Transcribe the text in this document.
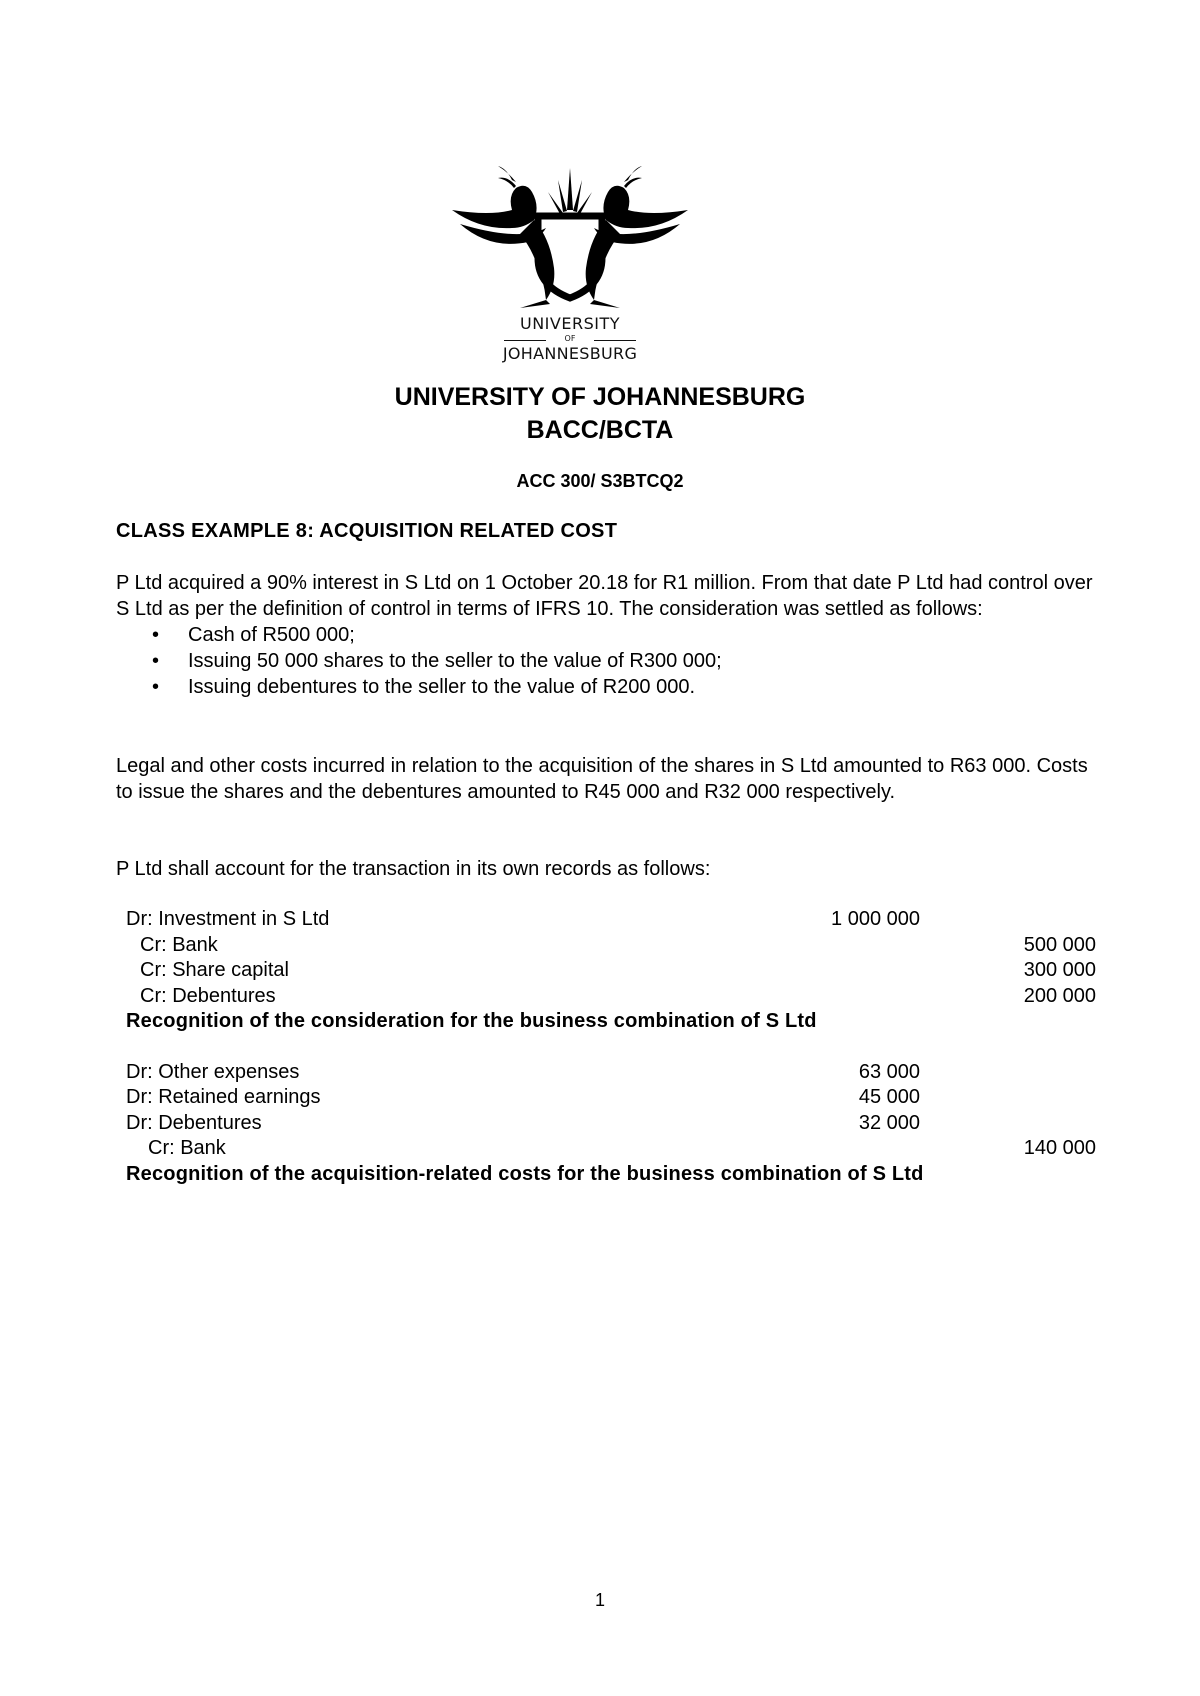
UNIVERSITY
OF
JOHANNESBURG
UNIVERSITY OF JOHANNESBURG
BACC/BCTA
ACC 300/ S3BTCQ2
CLASS EXAMPLE 8: ACQUISITION RELATED COST

P Ltd acquired a 90% interest in S Ltd on 1 October 20.18 for R1 million. From that date P Ltd had control over S Ltd as per the definition of control in terms of IFRS 10. The consideration was settled as follows:

• Cash of R500 000;
• Issuing 50 000 shares to the seller to the value of R300 000;
• Issuing debentures to the seller to the value of R200 000.
Legal and other costs incurred in relation to the acquisition of the shares in S Ltd amounted to R63 000. Costs to issue the shares and the debentures amounted to R45 000 and R32 000 respectively.
P Ltd shall account for the transaction in its own records as follows:
Dr: Investment in S Ltd	1 000 000
Cr: Bank	500 000
Cr: Share capital	300 000
Cr: Debentures	200 000
Recognition of the consideration for the business combination of S Ltd
Dr: Other expenses	63 000
Dr: Retained earnings	45 000
Dr: Debentures	32 000
Cr: Bank	140 000
Recognition of the acquisition-related costs for the business combination of S Ltd
1
